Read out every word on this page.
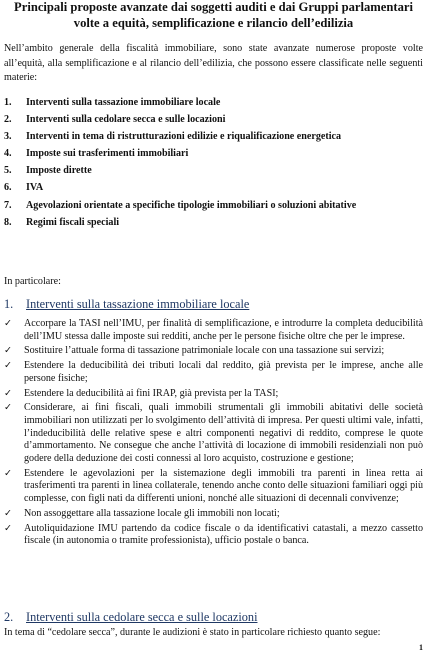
Principali proposte avanzate dai soggetti auditi e dai Gruppi parlamentari volte a equità, semplificazione e rilancio dell’edilizia
Nell’ambito generale della fiscalità immobiliare, sono state avanzate numerose proposte volte all’equità, alla semplificazione e al rilancio dell’edilizia, che possono essere classificate nelle seguenti materie:
1. Interventi sulla tassazione immobiliare locale
2. Interventi sulla cedolare secca e sulle locazioni
3. Interventi in tema di ristrutturazioni edilizie e riqualificazione energetica
4. Imposte sui trasferimenti immobiliari
5. Imposte dirette
6. IVA
7. Agevolazioni orientate a specifiche tipologie immobiliari o soluzioni abitative
8. Regimi fiscali speciali
In particolare:
1. Interventi sulla tassazione immobiliare locale
✓ Accorpare la TASI nell’IMU, per finalità di semplificazione, e introdurre la completa deducibilità dell’IMU stessa dalle imposte sui redditi, anche per le persone fisiche oltre che per le imprese.
✓ Sostituire l’attuale forma di tassazione patrimoniale locale con una tassazione sui servizi;
✓ Estendere la deducibilità dei tributi locali dal reddito, già prevista per le imprese, anche alle persone fisiche;
✓ Estendere la deducibilità ai fini IRAP, già prevista per la TASI;
✓ Considerare, ai fini fiscali, quali immobili strumentali gli immobili abitativi delle società immobiliari non utilizzati per lo svolgimento dell’attività di impresa. Per questi ultimi vale, infatti, l’indeducibilità delle relative spese e altri componenti negativi di reddito, comprese le quote d’ammortamento. Ne consegue che anche l’attività di locazione di immobili residenziali non può godere della deduzione dei costi connessi al loro acquisto, costruzione e gestione;
✓ Estendere le agevolazioni per la sistemazione degli immobili tra parenti in linea retta ai trasferimenti tra parenti in linea collaterale, tenendo anche conto delle situazioni familiari oggi più complesse, con figli nati da differenti unioni, nonché alle situazioni di decennali convivenze;
✓ Non assoggettare alla tassazione locale gli immobili non locati;
✓ Autoliquidazione IMU partendo da codice fiscale o da identificativi catastali, a mezzo cassetto fiscale (in autonomia o tramite professionista), ufficio postale o banca.
2. Interventi sulla cedolare secca e sulle locazioni
In tema di “cedolare secca”, durante le audizioni è stato in particolare richiesto quanto segue:
1
